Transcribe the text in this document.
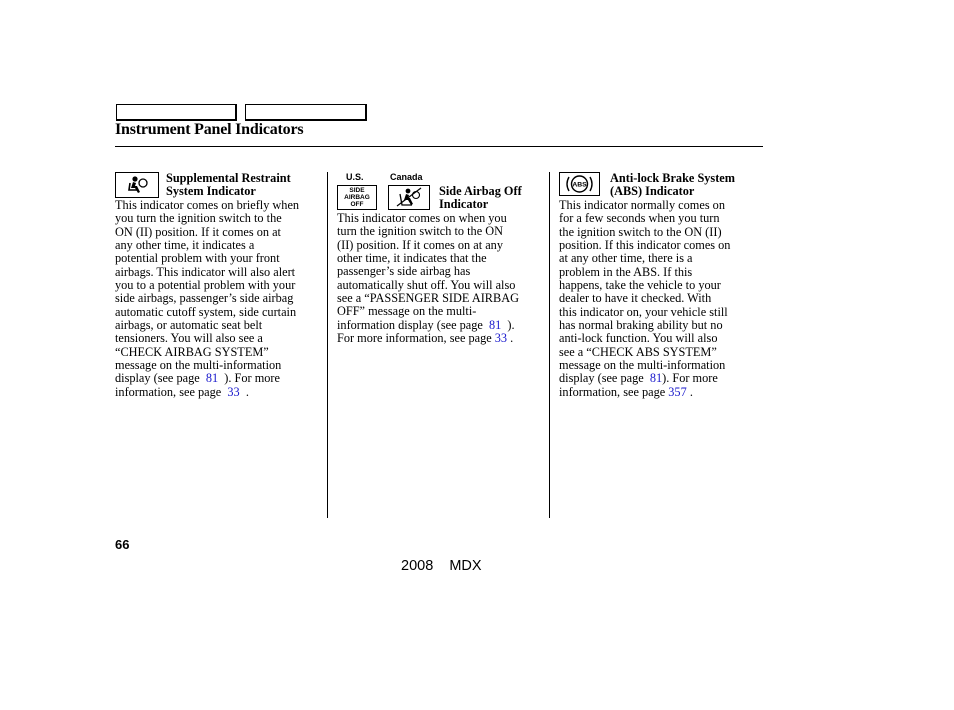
Instrument Panel Indicators
Supplemental Restraint
System Indicator
This indicator comes on briefly when
you turn the ignition switch to the
ON (II) position. If it comes on at
any other time, it indicates a
potential problem with your front
airbags. This indicator will also alert
you to a potential problem with your
side airbags, passenger’s side airbag
automatic cutoff system, side curtain
airbags, or automatic seat belt
tensioners. You will also see a
“CHECK AIRBAG SYSTEM”
message on the multi-information
display (see page 81 ). For more
information, see page 33 .
U.S.	Canada
SIDE
AIRBAG
OFF
Side Airbag Off
Indicator
This indicator comes on when you
turn the ignition switch to the ON
(II) position. If it comes on at any
other time, it indicates that the
passenger’s side airbag has
automatically shut off. You will also
see a “PASSENGER SIDE AIRBAG
OFF” message on the multi-
information display (see page 81 ).
For more information, see page 33 .
ABS
Anti-lock Brake System
(ABS) Indicator
This indicator normally comes on
for a few seconds when you turn
the ignition switch to the ON (II)
position. If this indicator comes on
at any other time, there is a
problem in the ABS. If this
happens, take the vehicle to your
dealer to have it checked. With
this indicator on, your vehicle still
has normal braking ability but no
anti-lock function. You will also
see a “CHECK ABS SYSTEM”
message on the multi-information
display (see page 81). For more
information, see page 357 .
66
2008  MDX
